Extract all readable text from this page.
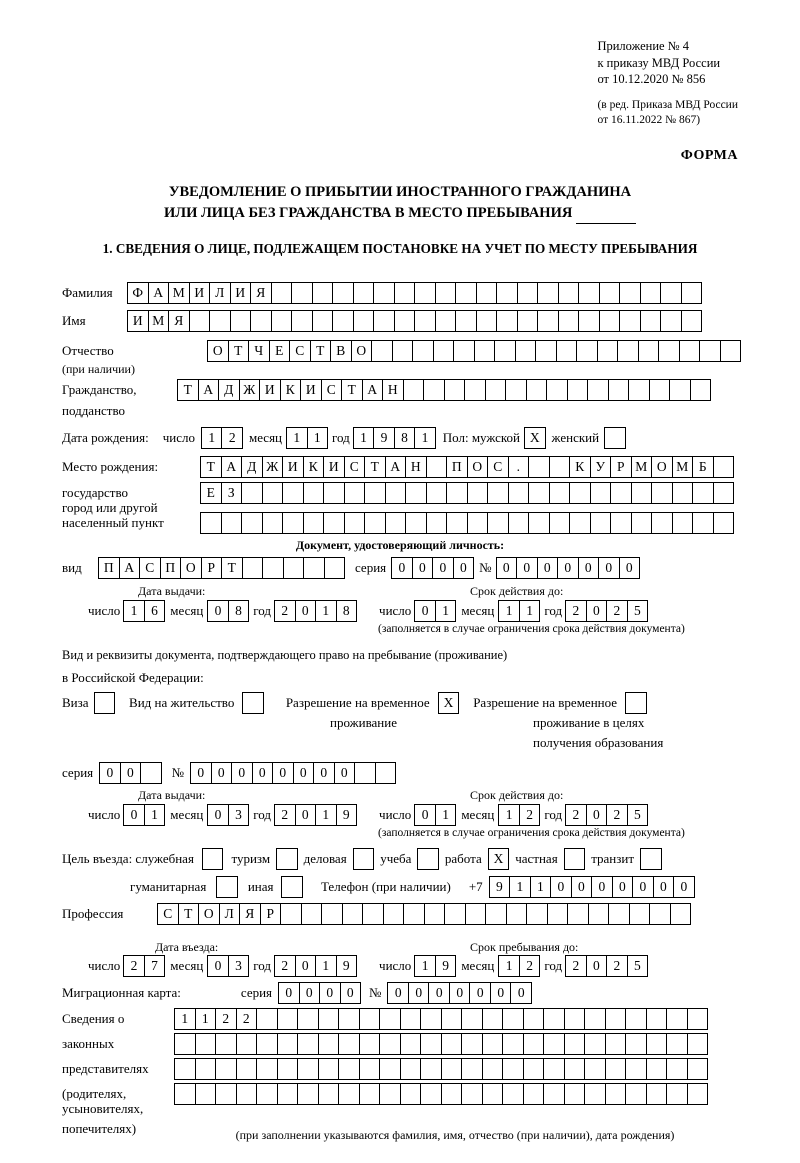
Приложение № 4
к приказу МВД России
от 10.12.2020 № 856
(в ред. Приказа МВД России
от 16.11.2022 № 867)
ФОРМА
УВЕДОМЛЕНИЕ О ПРИБЫТИИ ИНОСТРАННОГО ГРАЖДАНИНА
ИЛИ ЛИЦА БЕЗ ГРАЖДАНСТВА В МЕСТО ПРЕБЫВАНИЯ
1. СВЕДЕНИЯ О ЛИЦЕ, ПОДЛЕЖАЩЕМ ПОСТАНОВКЕ НА УЧЕТ ПО МЕСТУ ПРЕБЫВАНИЯ
Фамилия	Ф А М И Л И Я
Имя	И М Я
Отчество	О Т Ч Е С Т В О
(при наличии)
Гражданство,	Т А Д Ж И К И С Т А Н
подданство
Дата рождения: число 1	2	месяц 1	1 год 1	9	8	1	Пол: мужской Х женский
Место рождения:	Т А Д Ж И К И С Т А Н	П О С	.	К У Р М О М Б
государство	Е З
город или другой
населенный пункт
Документ, удостоверяющий личность:
вид	П А С П О Р Т	серия 0	0	0	0 № 0	0	0	0	0	0	0
Дата выдачи:	Срок действия до:
число 1	6 месяц 0	8 год 2	0	1	8	число 0	1 месяц 1	1 год 2	0	2	5
(заполняется в случае ограничения срока действия документа)
Вид и реквизиты документа, подтверждающего право на пребывание (проживание)
в Российской Федерации:
Виза	Вид на жительство	Разрешение на временное	Х	Разрешение на временное
проживание	проживание в целях
получения образования
серия 0	0	№ 0	0	0	0	0	0	0	0
Дата выдачи:	Срок действия до:
число 0	1 месяц 0	3 год 2	0	1	9	число 0	1 месяц 1	2 год 2	0	2	5
(заполняется в случае ограничения срока действия документа)
Цель въезда: служебная	туризм	деловая	учеба	работа Х частная	транзит
гуманитарная	иная	Телефон (при наличии) +7 9	1	1	0	0	0	0	0	0	0
Профессия	С Т О Л Я Р
Дата въезда:	Срок пребывания до:
число 2	7 месяц 0	3 год 2	0	1	9	число 1	9 месяц 1	2 год 2	0	2	5
Миграционная карта:	серия 0	0	0	0	№ 0	0	0	0	0	0	0
Сведения о	1	1	2	2
законных
представителях
(родителях,
усыновителях,
попечителях)	(при заполнении указываются фамилия, имя, отчество (при наличии), дата рождения)
